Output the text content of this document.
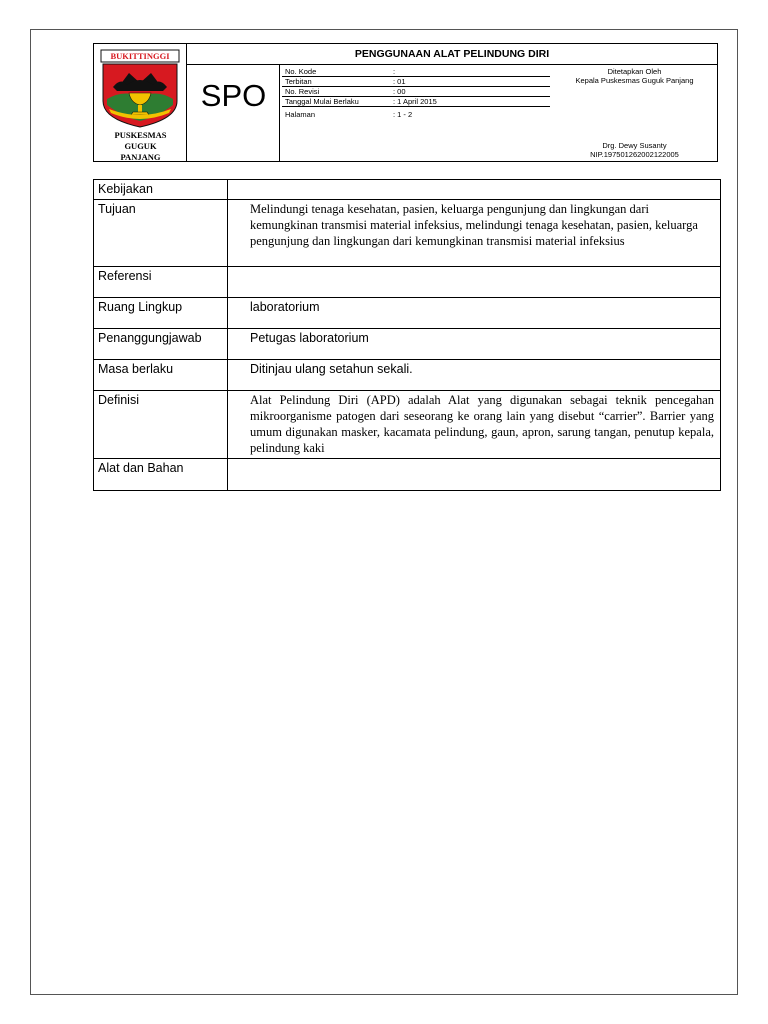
BUKITTINGGI
PUSKESMAS
GUGUK
PANJANG
PENGGUNAAN ALAT PELINDUNG DIRI
SPO
No. Kode	:
Terbitan	: 01
No. Revisi	: 00
Tanggal Mulai Berlaku	: 1 April 2015
Halaman	: 1 - 2
Ditetapkan Oleh
Kepala Puskesmas Guguk Panjang
Drg. Dewy Susanty
NIP.197501262002122005
Kebijakan	
Tujuan	Melindungi tenaga kesehatan, pasien, keluarga pengunjung dan lingkungan dari kemungkinan transmisi material infeksius, melindungi tenaga kesehatan, pasien, keluarga pengunjung dan lingkungan dari kemungkinan transmisi material infeksius
Referensi	
Ruang Lingkup	laboratorium
Penanggungjawab	Petugas laboratorium
Masa berlaku	Ditinjau ulang setahun sekali.
Definisi	Alat Pelindung Diri (APD) adalah Alat yang digunakan sebagai teknik pencegahan mikroorganisme patogen dari seseorang ke orang lain yang disebut “carrier”. Barrier yang umum digunakan masker, kacamata pelindung, gaun, apron, sarung tangan, penutup kepala, pelindung kaki
Alat dan Bahan	
